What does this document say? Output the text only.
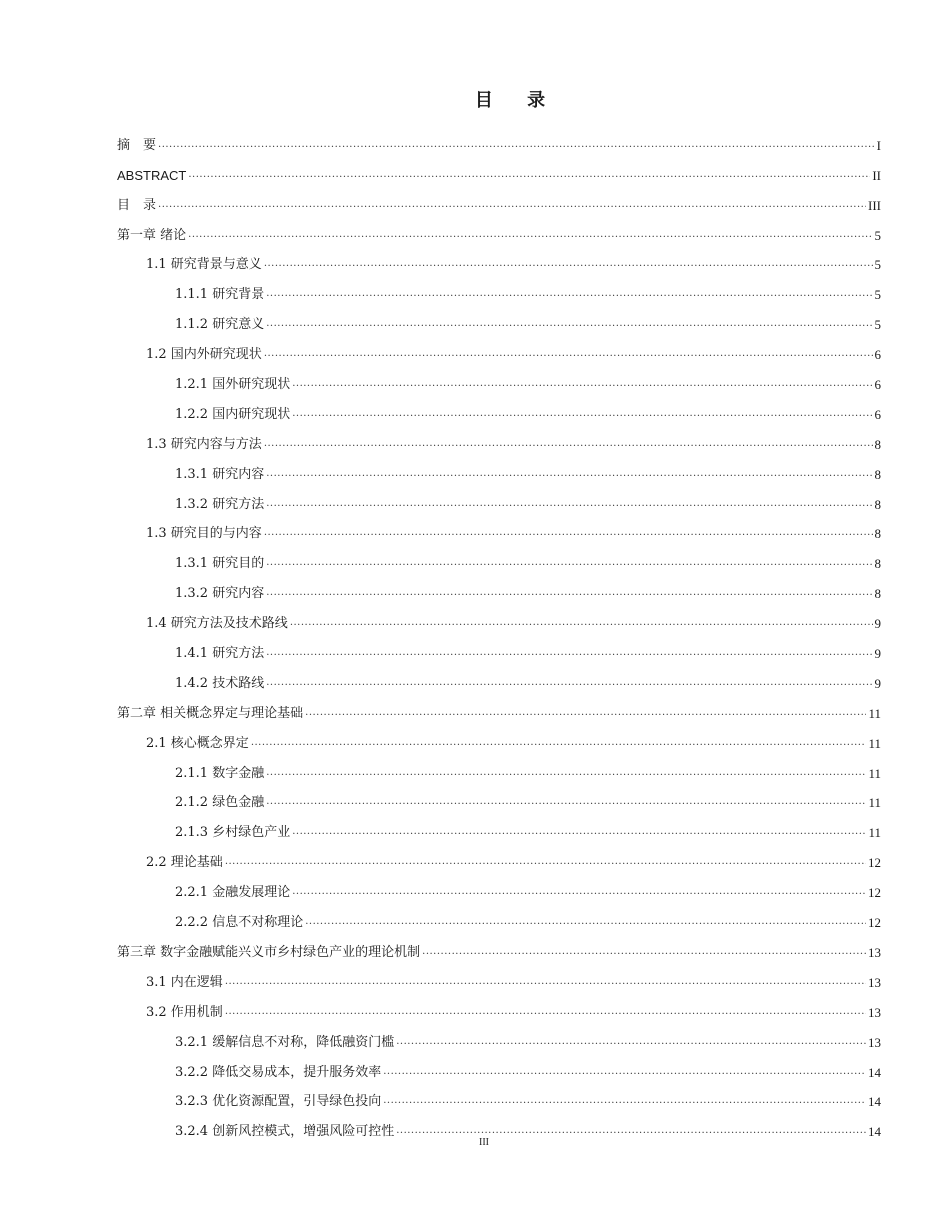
目 录
摘　要 .....	I
ABSTRACT .....	II
目　录 .....	III
第一章 绪论 .....	5
1.1 研究背景与意义 .....	5
1.1.1 研究背景 .....	5
1.1.2 研究意义 .....	5
1.2 国内外研究现状 .....	6
1.2.1 国外研究现状 .....	6
1.2.2 国内研究现状 .....	6
1.3 研究内容与方法 .....	8
1.3.1 研究内容 .....	8
1.3.2 研究方法 .....	8
1.3 研究目的与内容 .....	8
1.3.1 研究目的 .....	8
1.3.2 研究内容 .....	8
1.4 研究方法及技术路线 .....	9
1.4.1 研究方法 .....	9
1.4.2 技术路线 .....	9
第二章 相关概念界定与理论基础 .....	11
2.1 核心概念界定 .....	11
2.1.1 数字金融 .....	11
2.1.2 绿色金融 .....	11
2.1.3 乡村绿色产业 .....	11
2.2 理论基础 .....	12
2.2.1 金融发展理论 .....	12
2.2.2 信息不对称理论 .....	12
第三章 数字金融赋能兴义市乡村绿色产业的理论机制 .....	13
3.1 内在逻辑 .....	13
3.2 作用机制 .....	13
3.2.1 缓解信息不对称，降低融资门槛 .....	13
3.2.2 降低交易成本，提升服务效率 .....	14
3.2.3 优化资源配置，引导绿色投向 .....	14
3.2.4 创新风控模式，增强风险可控性 .....	14
III
